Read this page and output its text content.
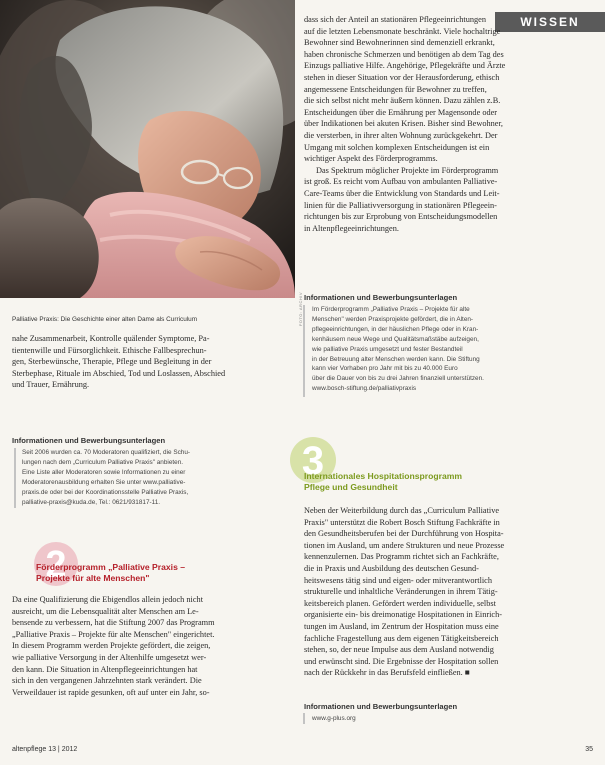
WISSEN
FOTO: ARCHIV
Palliative Praxis: Die Geschichte einer alten Dame als Curriculum
nahe Zusammenarbeit, Kontrolle quälender Symptome, Pa-
tientenwille und Fürsorglichkeit. Ethische Fallbesprechun-
gen, Sterbewünsche, Therapie, Pflege und Begleitung in der
Sterbephase, Rituale im Abschied, Tod und Loslassen, Abschied
und Trauer, Ernährung.
Informationen und Bewerbungsunterlagen
Seit 2006 wurden ca. 70 Moderatoren qualifiziert, die Schu-
lungen nach dem „Curriculum Palliative Praxis" anbieten.
Eine Liste aller Moderatoren sowie Informationen zu einer
Moderatorenausbildung erhalten Sie unter www.palliative-
praxis.de oder bei der Koordinationsstelle Palliative Praxis,
palliative-praxis@kuda.de, Tel.: 0621/931817-11.
2
Förderprogramm „Palliative Praxis –
Projekte für alte Menschen"
Da eine Qualifizierung die Ebigendlos allein jedoch nicht
ausreicht, um die Lebensqualität alter Menschen am Le-
bensende zu verbessern, hat die Stiftung 2007 das Programm
„Palliative Praxis – Projekte für alte Menschen" eingerichtet.
In diesem Programm werden Projekte gefördert, die zeigen,
wie palliative Versorgung in der Altenhilfe umgesetzt wer-
den kann. Die Situation in Altenpflegeeinrichtungen hat
sich in den vergangenen Jahrzehnten stark verändert. Die
Verweildauer ist rapide gesunken, oft auf unter ein Jahr, so-
dass sich der Anteil an stationären Pflegeeinrichtungen
auf die letzten Lebensmonate beschränkt. Viele hochaltrige
Bewohner sind Bewohnerinnen sind demenziell erkrankt,
haben chronische Schmerzen und benötigen ab dem Tag des
Einzugs palliative Hilfe. Angehörige, Pflegekräfte und Ärzte
stehen in dieser Situation vor der Herausforderung, ethisch
angemessene Entscheidungen für Bewohner zu treffen,
die sich selbst nicht mehr äußern können. Dazu zählen z.B.
Entscheidungen über die Ernährung per Magensonde oder
über Indikationen bei akuten Krisen. Bisher sind Bewohner,
die versterben, in ihrer alten Wohnung zurückgekehrt. Der
Umgang mit solchen komplexen Entscheidungen ist ein
wichtiger Aspekt des Förderprogramms.
Das Spektrum möglicher Projekte im Förderprogramm
ist groß. Es reicht vom Aufbau von ambulanten Palliative-
Care-Teams über die Entwicklung von Standards und Leit-
linien für die Palliativversorgung in stationären Pflegeein-
richtungen bis zur Erprobung von Entscheidungsmodellen
in Altenpflegeeinrichtungen.
Informationen und Bewerbungsunterlagen
Im Förderprogramm „Palliative Praxis – Projekte für alte
Menschen" werden Praxisprojekte gefördert, die in Alten-
pflegeeinrichtungen, in der häuslichen Pflege oder in Kran-
kenhäusern neue Wege und Qualitätsmaßstäbe aufzeigen,
wie palliative Praxis umgesetzt und fester Bestandteil
in der Betreuung alter Menschen werden kann. Die Stiftung
kann vier Vorhaben pro Jahr mit bis zu 40.000 Euro
über die Dauer von bis zu drei Jahren finanziell unterstützen.
www.bosch-stiftung.de/palliativpraxis
3
Internationales Hospitationsprogramm
Pflege und Gesundheit
Neben der Weiterbildung durch das „Curriculum Palliative
Praxis" unterstützt die Robert Bosch Stiftung Fachkräfte in
den Gesundheitsberufen bei der Durchführung von Hospita-
tionen im Ausland, um andere Strukturen und neue Prozesse
kennenzulernen. Das Programm richtet sich an Fachkräfte,
die in Praxis und Ausbildung des deutschen Gesund-
heitswesens tätig sind und eigen- oder mitverantwortlich
strukturelle und inhaltliche Veränderungen in ihrem Tätig-
keitsbereich planen. Gefördert werden individuelle, selbst
organisierte ein- bis dreimonatige Hospitationen in Einrich-
tungen im Ausland, im Zentrum der Hospitation muss eine
fachliche Fragestellung aus dem eigenen Tätigkeitsbereich
stehen, so, der neue Impulse aus dem Ausland notwendig
und erwünscht sind. Die Ergebnisse der Hospitation sollen
nach der Rückkehr in das Berufsfeld einfließen. ■
Informationen und Bewerbungsunterlagen
www.g-plus.org
altenpflege 13 | 2012	35
